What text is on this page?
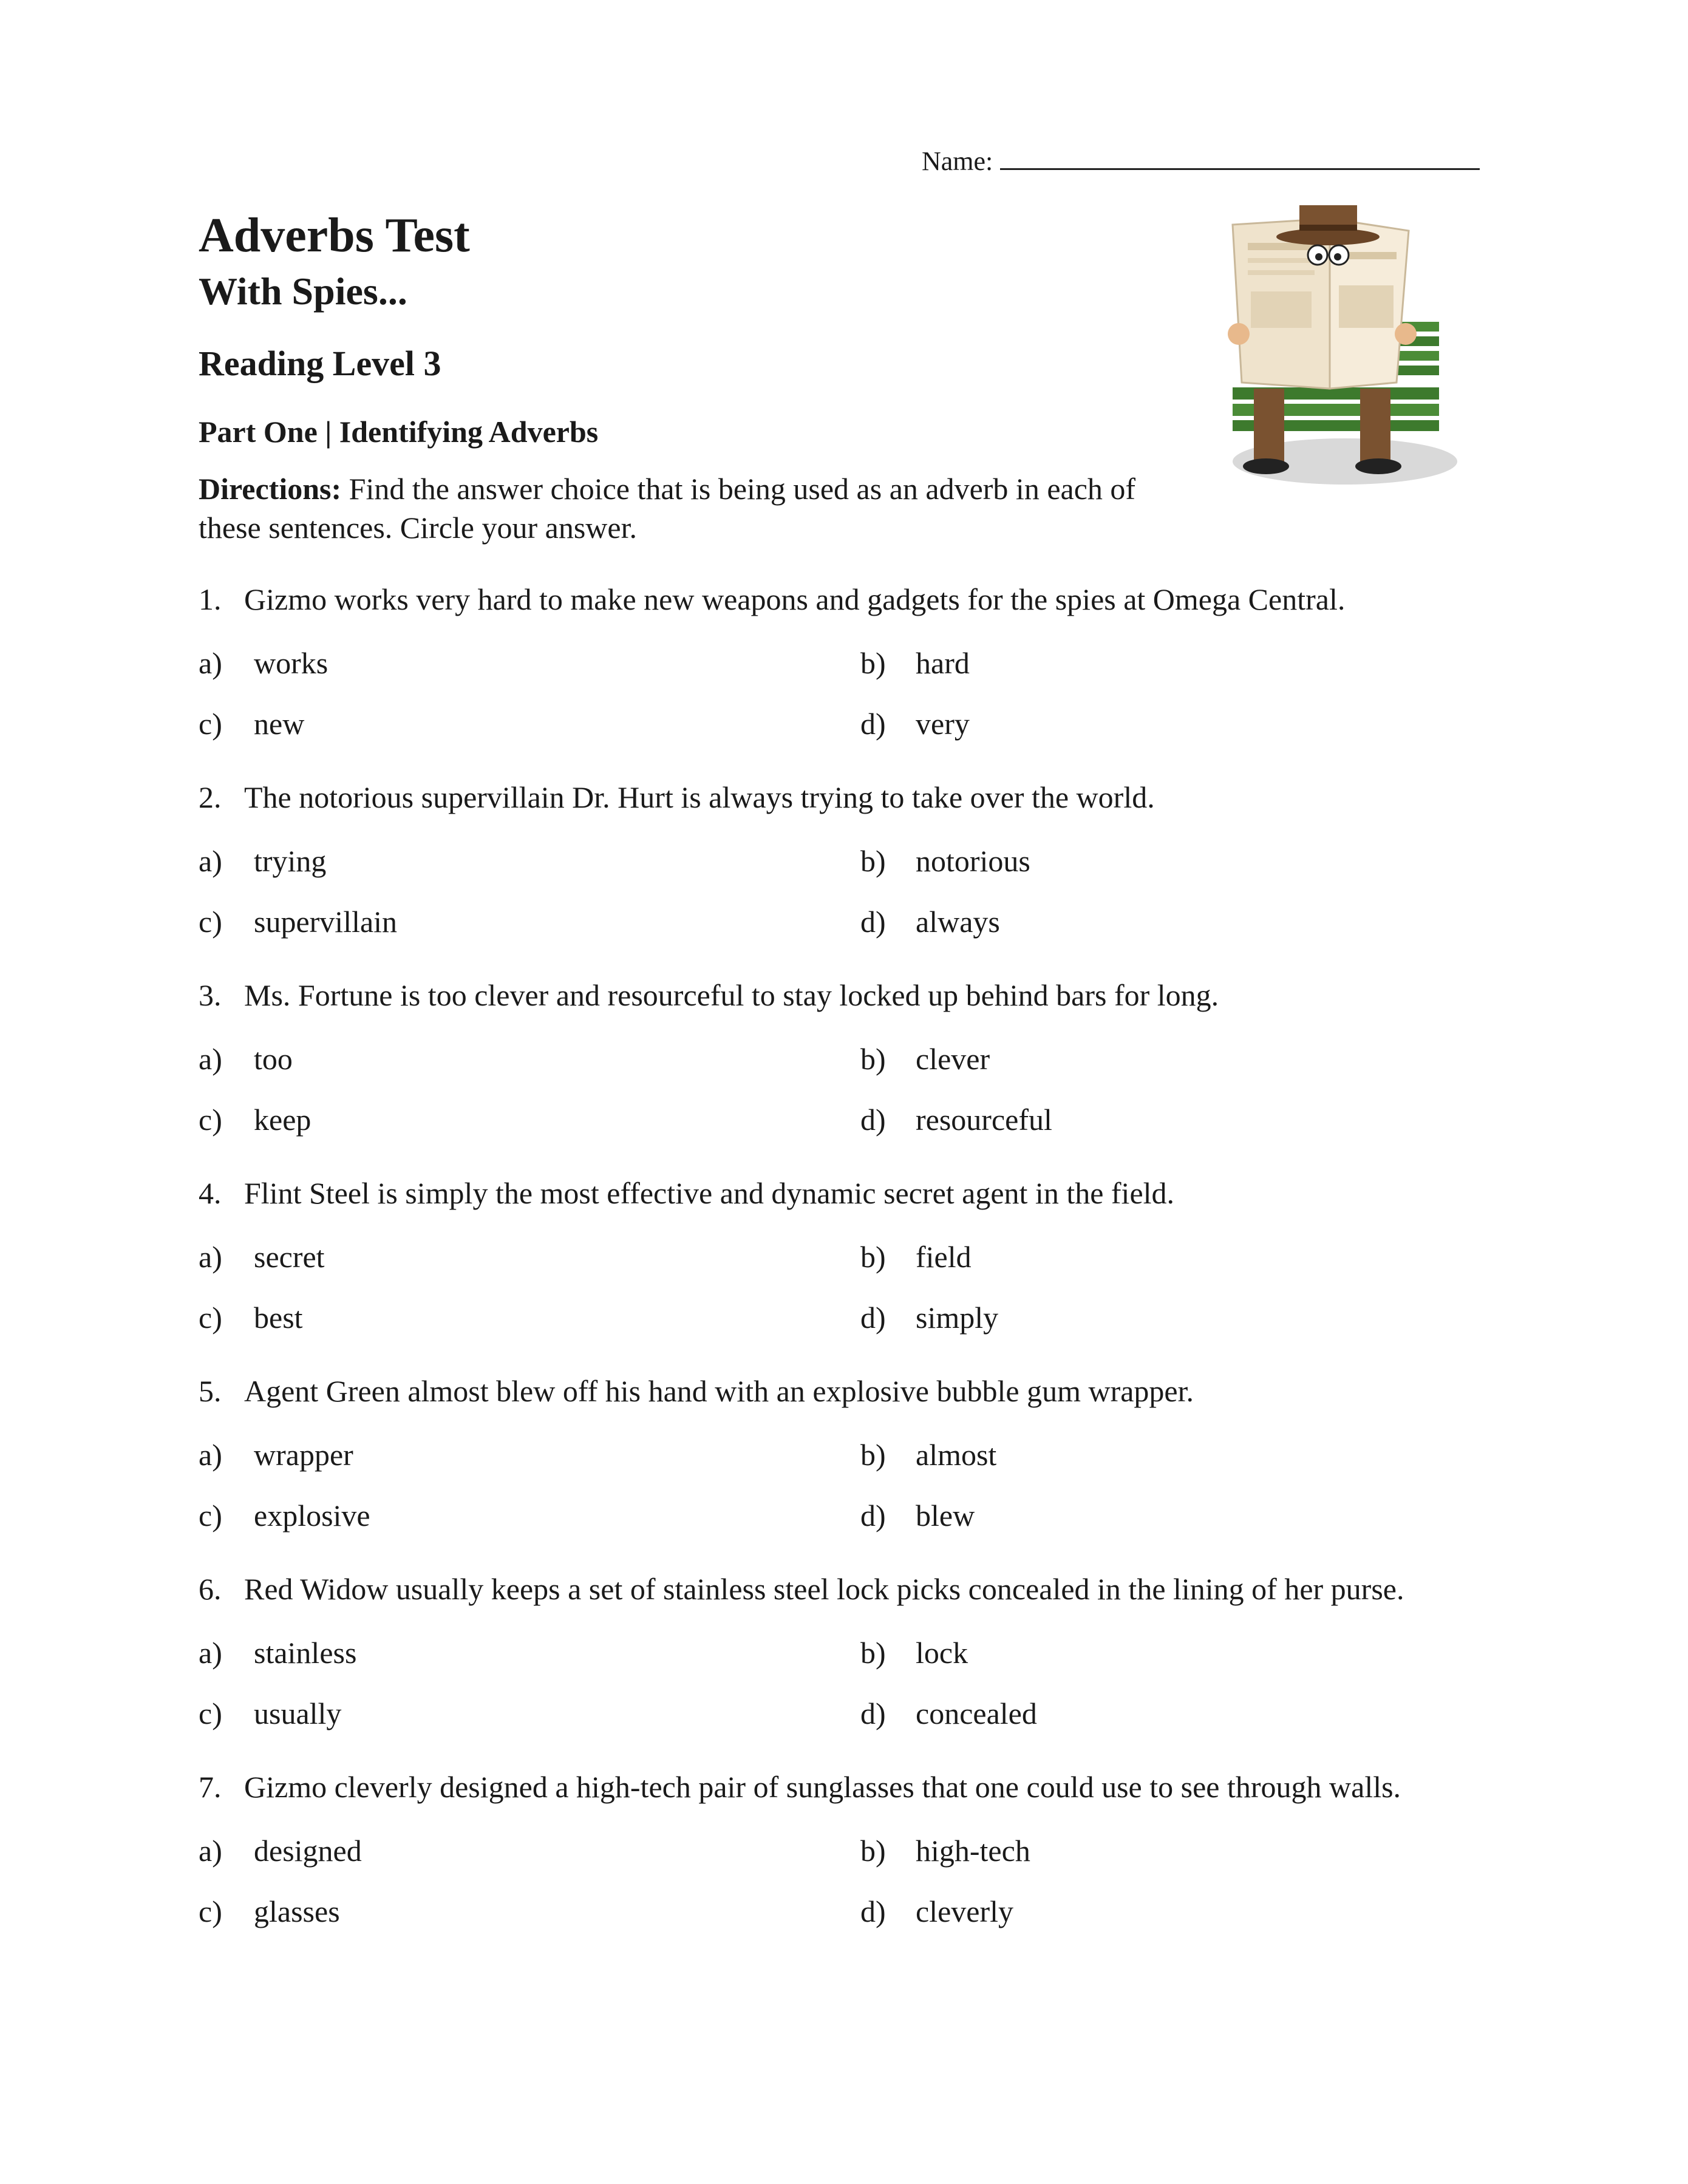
Name:
Adverbs Test
With Spies...
Reading Level 3
Part One | Identifying Adverbs

Directions: Find the answer choice that is being used as an adverb in each of these sentences. Circle your answer.

1. Gizmo works very hard to make new weapons and gadgets for the spies at Omega Central.
a)	works	b) hard
c)	new	d) very
2. The notorious supervillain Dr. Hurt is always trying to take over the world.
a)	trying	b) notorious
c)	supervillain	d) always
3. Ms. Fortune is too clever and resourceful to stay locked up behind bars for long.
a)	too	b) clever
c)	keep	d) resourceful
4. Flint Steel is simply the most effective and dynamic secret agent in the field.
a)	secret	b) field
c)	best	d) simply
5. Agent Green almost blew off his hand with an explosive bubble gum wrapper.
a)	wrapper	b) almost
c)	explosive	d) blew
6. Red Widow usually keeps a set of stainless steel lock picks concealed in the lining of her purse.
a)	stainless	b) lock
c)	usually	d) concealed
7. Gizmo cleverly designed a high-tech pair of sunglasses that one could use to see through walls.
a)	designed	b) high-tech
c)	glasses	d) cleverly
